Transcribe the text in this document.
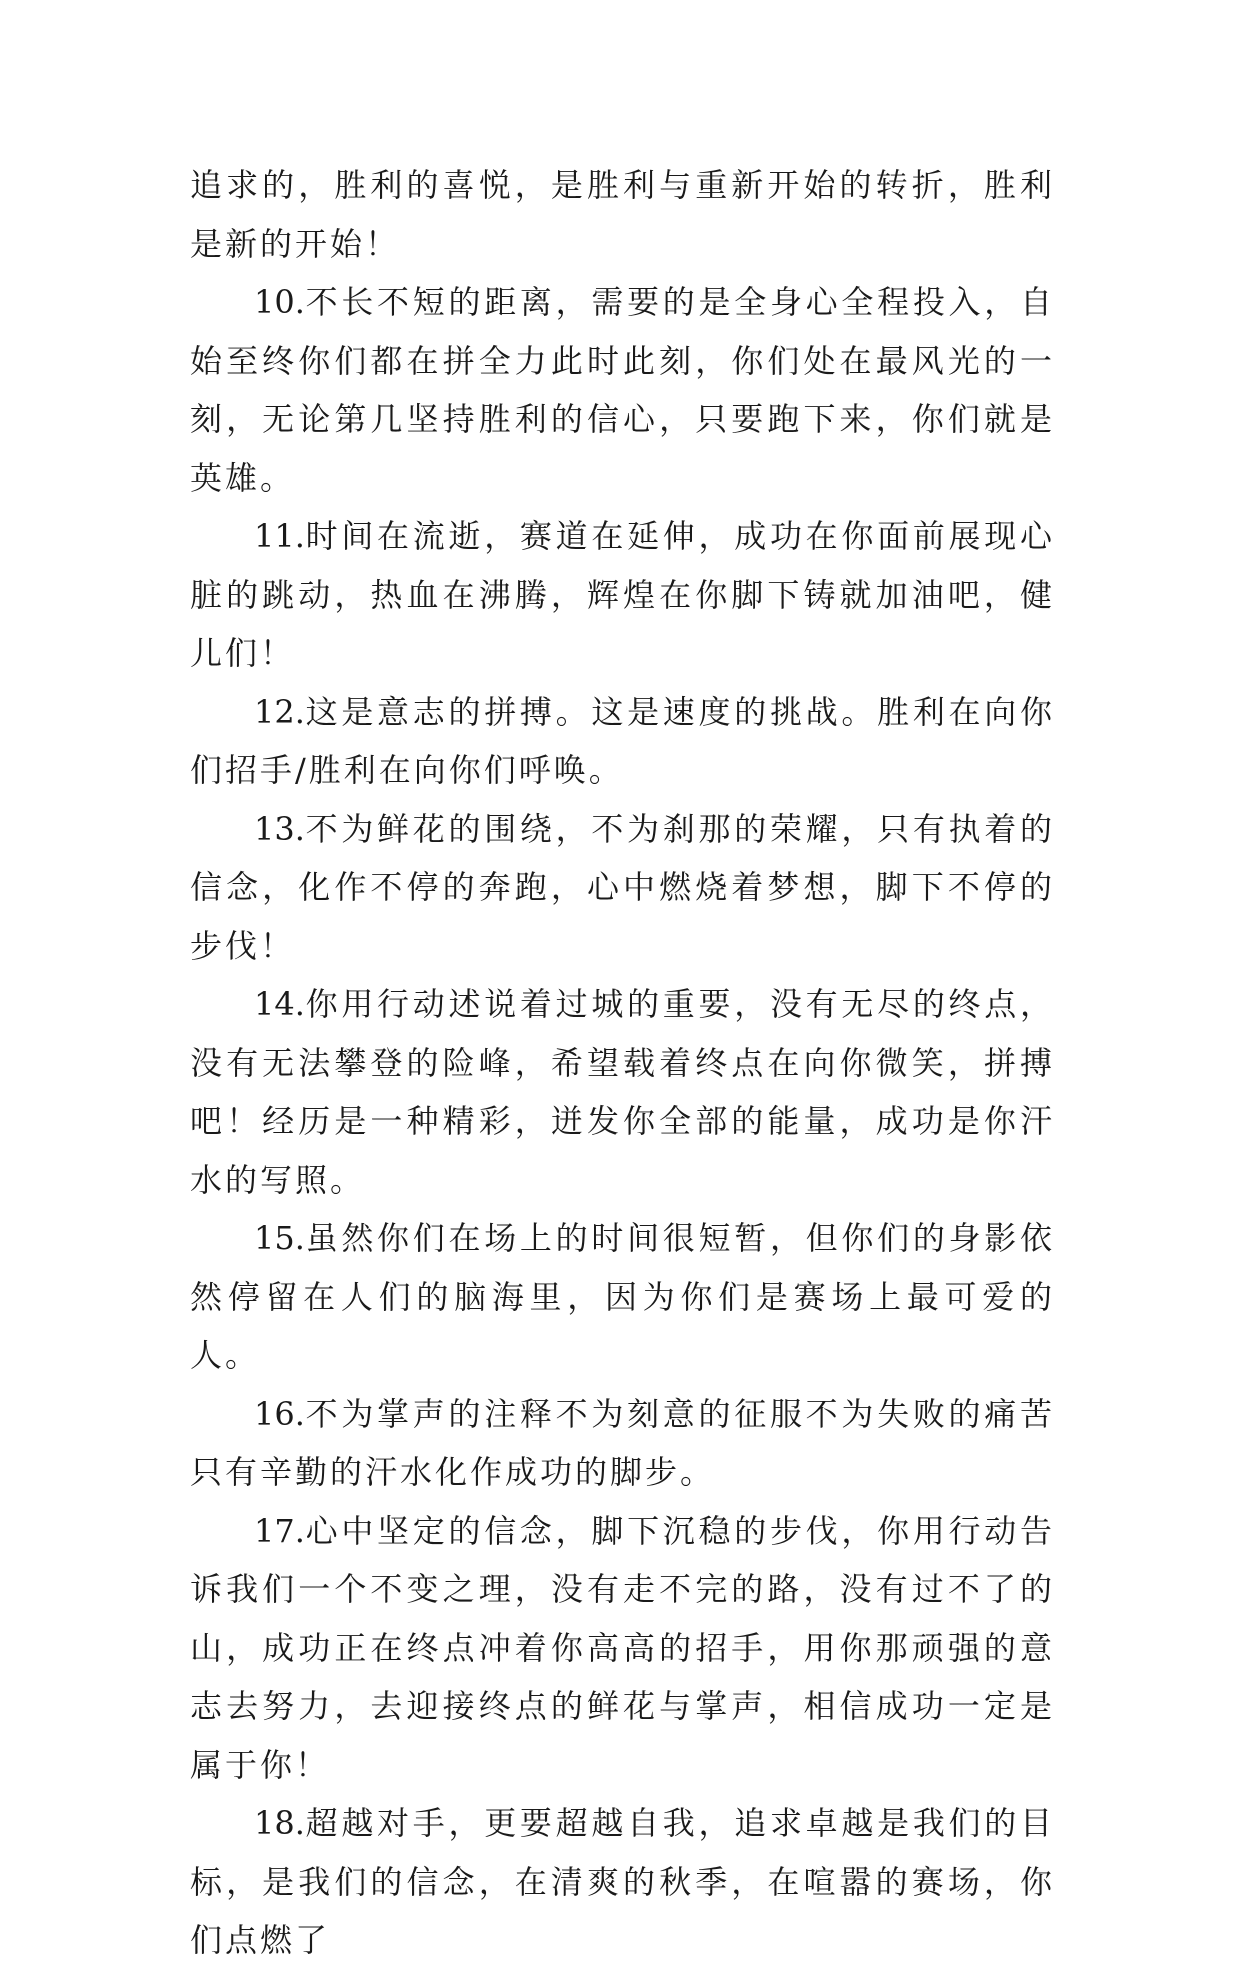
追求的，胜利的喜悦，是胜利与重新开始的转折，胜利是新的开始！

10.不长不短的距离，需要的是全身心全程投入，自始至终你们都在拼全力此时此刻，你们处在最风光的一刻，无论第几坚持胜利的信心，只要跑下来，你们就是英雄。

11.时间在流逝，赛道在延伸，成功在你面前展现心脏的跳动，热血在沸腾，辉煌在你脚下铸就加油吧，健儿们！

12.这是意志的拼搏。这是速度的挑战。胜利在向你们招手/胜利在向你们呼唤。

13.不为鲜花的围绕，不为刹那的荣耀，只有执着的信念，化作不停的奔跑，心中燃烧着梦想，脚下不停的步伐！

14.你用行动述说着过城的重要，没有无尽的终点，没有无法攀登的险峰，希望载着终点在向你微笑，拼搏吧！经历是一种精彩，迸发你全部的能量，成功是你汗水的写照。

15.虽然你们在场上的时间很短暂，但你们的身影依然停留在人们的脑海里，因为你们是赛场上最可爱的人。

16.不为掌声的注释不为刻意的征服不为失败的痛苦只有辛勤的汗水化作成功的脚步。

17.心中坚定的信念，脚下沉稳的步伐，你用行动告诉我们一个不变之理，没有走不完的路，没有过不了的山，成功正在终点冲着你高高的招手，用你那顽强的意志去努力，去迎接终点的鲜花与掌声，相信成功一定是属于你！

18.超越对手，更要超越自我，追求卓越是我们的目标，是我们的信念，在清爽的秋季，在喧嚣的赛场，你们点燃了
